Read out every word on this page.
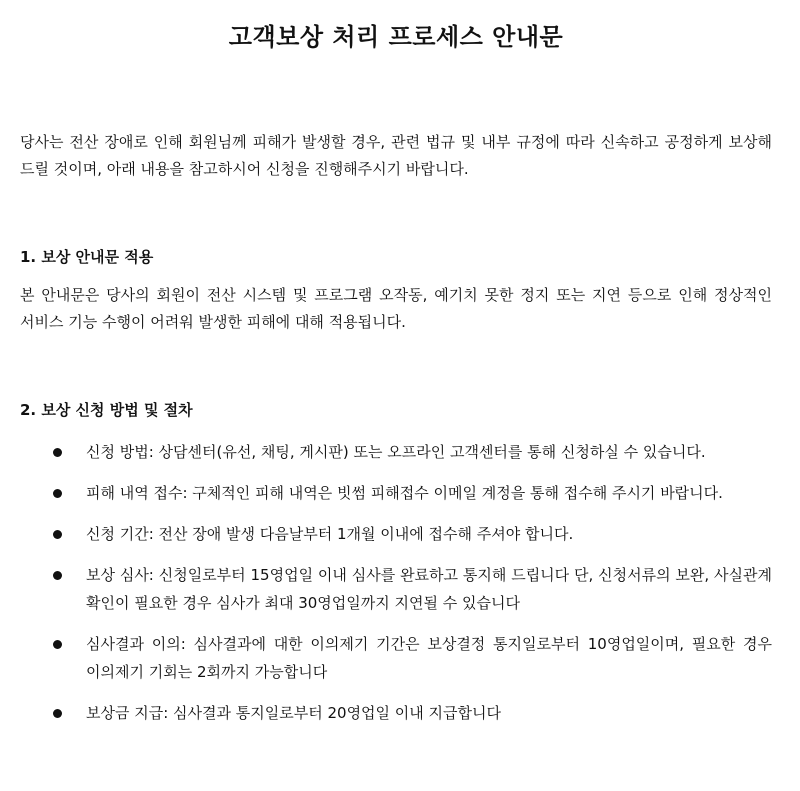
고객보상 처리 프로세스 안내문

당사는 전산 장애로 인해 회원님께 피해가 발생할 경우, 관련 법규 및 내부 규정에 따라 신속하고 공정하게 보상해 드릴 것이며, 아래 내용을 참고하시어 신청을 진행해주시기 바랍니다.

1. 보상 안내문 적용

본 안내문은 당사의 회원이 전산 시스템 및 프로그램 오작동, 예기치 못한 정지 또는 지연 등으로 인해 정상적인 서비스 기능 수행이 어려워 발생한 피해에 대해 적용됩니다.

2. 보상 신청 방법 및 절차
신청 방법: 상담센터(유선, 채팅, 게시판) 또는 오프라인 고객센터를 통해 신청하실 수 있습니다.
피해 내역 접수: 구체적인 피해 내역은 빗썸 피해접수 이메일 계정을 통해 접수해 주시기 바랍니다.
신청 기간: 전산 장애 발생 다음날부터 1개월 이내에 접수해 주셔야 합니다.
보상 심사: 신청일로부터 15영업일 이내 심사를 완료하고 통지해 드립니다 단, 신청서류의 보완, 사실관계 확인이 필요한 경우 심사가 최대 30영업일까지 지연될 수 있습니다
심사결과 이의: 심사결과에 대한 이의제기 기간은 보상결정 통지일로부터 10영업일이며, 필요한 경우 이의제기 기회는 2회까지 가능합니다
보상금 지급: 심사결과 통지일로부터 20영업일 이내 지급합니다
